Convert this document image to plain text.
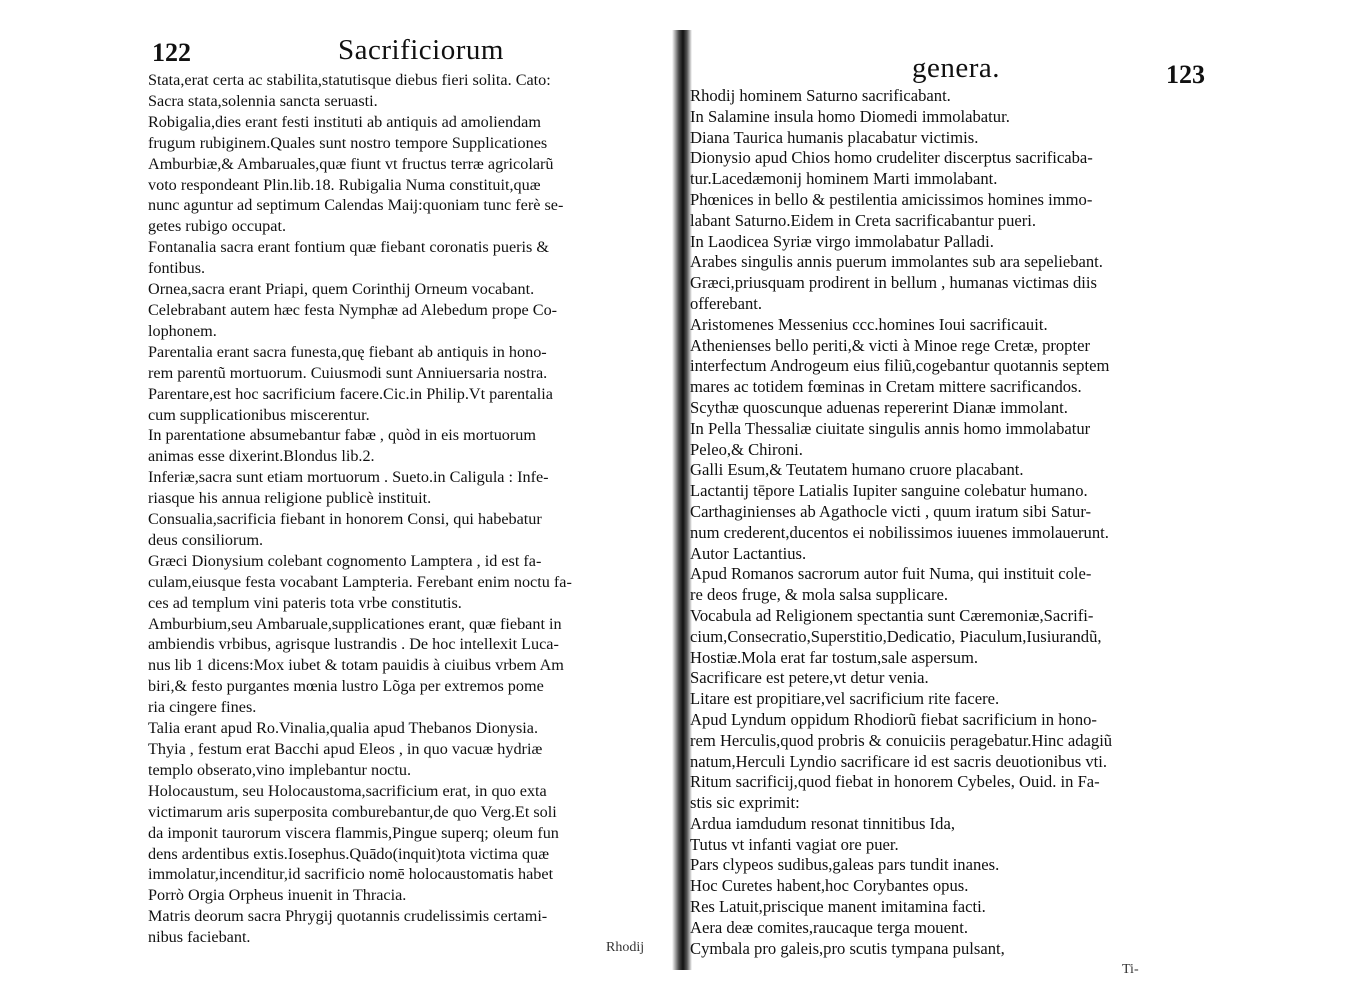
122	Sacrificiorum
Stata,erat certa ac stabilita,statutisque diebus fieri solita. Cato:
Sacra stata,solennia sancta seruasti.
Robigalia,dies erant festi instituti ab antiquis ad amoliendam
frugum rubiginem.Quales sunt nostro tempore Supplicationes
Amburbiæ,& Ambaruales,quæ fiunt vt fructus terræ agricolarũ
voto respondeant Plin.lib.18. Rubigalia Numa constituit,quæ
nunc aguntur ad septimum Calendas Maij:quoniam tunc ferè se-
getes rubigo occupat.
Fontanalia sacra erant fontium quæ fiebant coronatis pueris &
fontibus.
Ornea,sacra erant Priapi, quem Corinthij Orneum vocabant.
Celebrabant autem hæc festa Nymphæ ad Alebedum prope Co-
lophonem.
Parentalia erant sacra funesta,quę fiebant ab antiquis in hono-
rem parentũ mortuorum. Cuiusmodi sunt Anniuersaria nostra.
Parentare,est hoc sacrificium facere.Cic.in Philip.Vt parentalia
cum supplicationibus miscerentur.
In parentatione absumebantur fabæ , quòd in eis mortuorum
animas esse dixerint.Blondus lib.2.
Inferiæ,sacra sunt etiam mortuorum . Sueto.in Caligula : Infe-
riasque his annua religione publicè instituit.
Consualia,sacrificia fiebant in honorem Consi, qui habebatur
deus consiliorum.
Græci Dionysium colebant cognomento Lamptera , id est fa-
culam,eiusque festa vocabant Lampteria. Ferebant enim noctu fa-
ces ad templum vini pateris tota vrbe constitutis.
Amburbium,seu Ambaruale,supplicationes erant, quæ fiebant in
ambiendis vrbibus, agrisque lustrandis . De hoc intellexit Luca-
nus lib 1 dicens:Mox iubet & totam pauidis à ciuibus vrbem Am
biri,& festo purgantes mœnia lustro Lõga per extremos pome
ria cingere fines.
Talia erant apud Ro.Vinalia,qualia apud Thebanos Dionysia.
Thyia , festum erat Bacchi apud Eleos , in quo vacuæ hydriæ
templo obserato,vino implebantur noctu.
Holocaustum, seu Holocaustoma,sacrificium erat, in quo exta
victimarum aris superposita comburebantur,de quo Verg.Et soli
da imponit taurorum viscera flammis,Pingue superq; oleum fun
dens ardentibus extis.Iosephus.Quādo(inquit)tota victima quæ
immolatur,incenditur,id sacrificio nomē holocaustomatis habet
Porrò Orgia Orpheus inuenit in Thracia.
Matris deorum sacra Phrygij quotannis crudelissimis certami-
nibus faciebant.
Rhodij
genera.	123
Rhodij hominem Saturno sacrificabant.
In Salamine insula homo Diomedi immolabatur.
Diana Taurica humanis placabatur victimis.
Dionysio apud Chios homo crudeliter discerptus sacrificaba-
tur.Lacedæmonij hominem Marti immolabant.
Phœnices in bello & pestilentia amicissimos homines immo-
labant Saturno.Eidem in Creta sacrificabantur pueri.
In Laodicea Syriæ virgo immolabatur Palladi.
Arabes singulis annis puerum immolantes sub ara sepeliebant.
Græci,priusquam prodirent in bellum , humanas victimas diis
offerebant.
Aristomenes Messenius ccc.homines Ioui sacrificauit.
Athenienses bello periti,& victi à Minoe rege Cretæ, propter
interfectum Androgeum eius filiũ,cogebantur quotannis septem
mares ac totidem fœminas in Cretam mittere sacrificandos.
Scythæ quoscunque aduenas repererint Dianæ immolant.
In Pella Thessaliæ ciuitate singulis annis homo immolabatur
Peleo,& Chironi.
Galli Esum,& Teutatem humano cruore placabant.
Lactantij tēpore Latialis Iupiter sanguine colebatur humano.
Carthaginienses ab Agathocle victi , quum iratum sibi Satur-
num crederent,ducentos ei nobilissimos iuuenes immolauerunt.
Autor Lactantius.
Apud Romanos sacrorum autor fuit Numa, qui instituit cole-
re deos fruge, & mola salsa supplicare.
Vocabula ad Religionem spectantia sunt Cæremoniæ,Sacrifi-
cium,Consecratio,Superstitio,Dedicatio, Piaculum,Iusiurandũ,
Hostiæ.Mola erat far tostum,sale aspersum.
Sacrificare est petere,vt detur venia.
Litare est propitiare,vel sacrificium rite facere.
Apud Lyndum oppidum Rhodiorũ fiebat sacrificium in hono-
rem Herculis,quod probris & conuiciis peragebatur.Hinc adagiũ
natum,Herculi Lyndio sacrificare id est sacris deuotionibus vti.
Ritum sacrificij,quod fiebat in honorem Cybeles, Ouid. in Fa-
stis sic exprimit:
Ardua iamdudum resonat tinnitibus Ida,
Tutus vt infanti vagiat ore puer.
Pars clypeos sudibus,galeas pars tundit inanes.
Hoc Curetes habent,hoc Corybantes opus.
Res Latuit,priscique manent imitamina facti.
Aera deæ comites,raucaque terga mouent.
Cymbala pro galeis,pro scutis tympana pulsant,
Ti-
